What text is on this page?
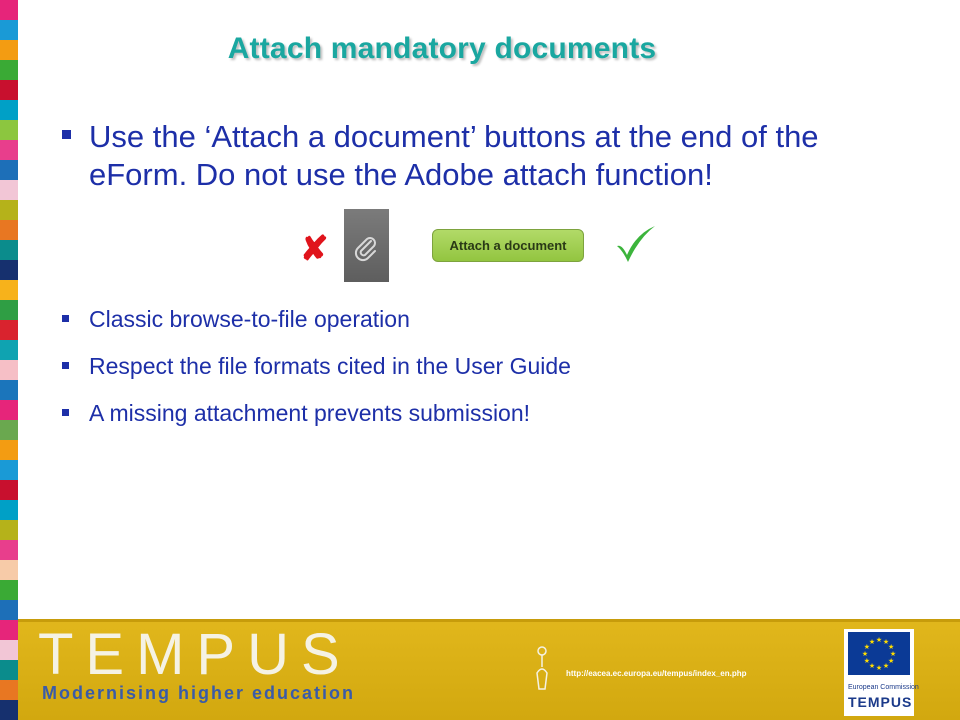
Attach mandatory documents
Use the ‘Attach a document’ buttons at the end of the eForm. Do not use the Adobe attach function!
✘	Attach a document
Classic browse-to-file operation
Respect the file formats cited in the User Guide
A missing attachment prevents submission!
TEMPUS
Modernising higher education
http://eacea.ec.europa.eu/tempus/index_en.php
★
★
★
★
★
★
★
★
★ ★ ★
★
European Commission
TEMPUS
